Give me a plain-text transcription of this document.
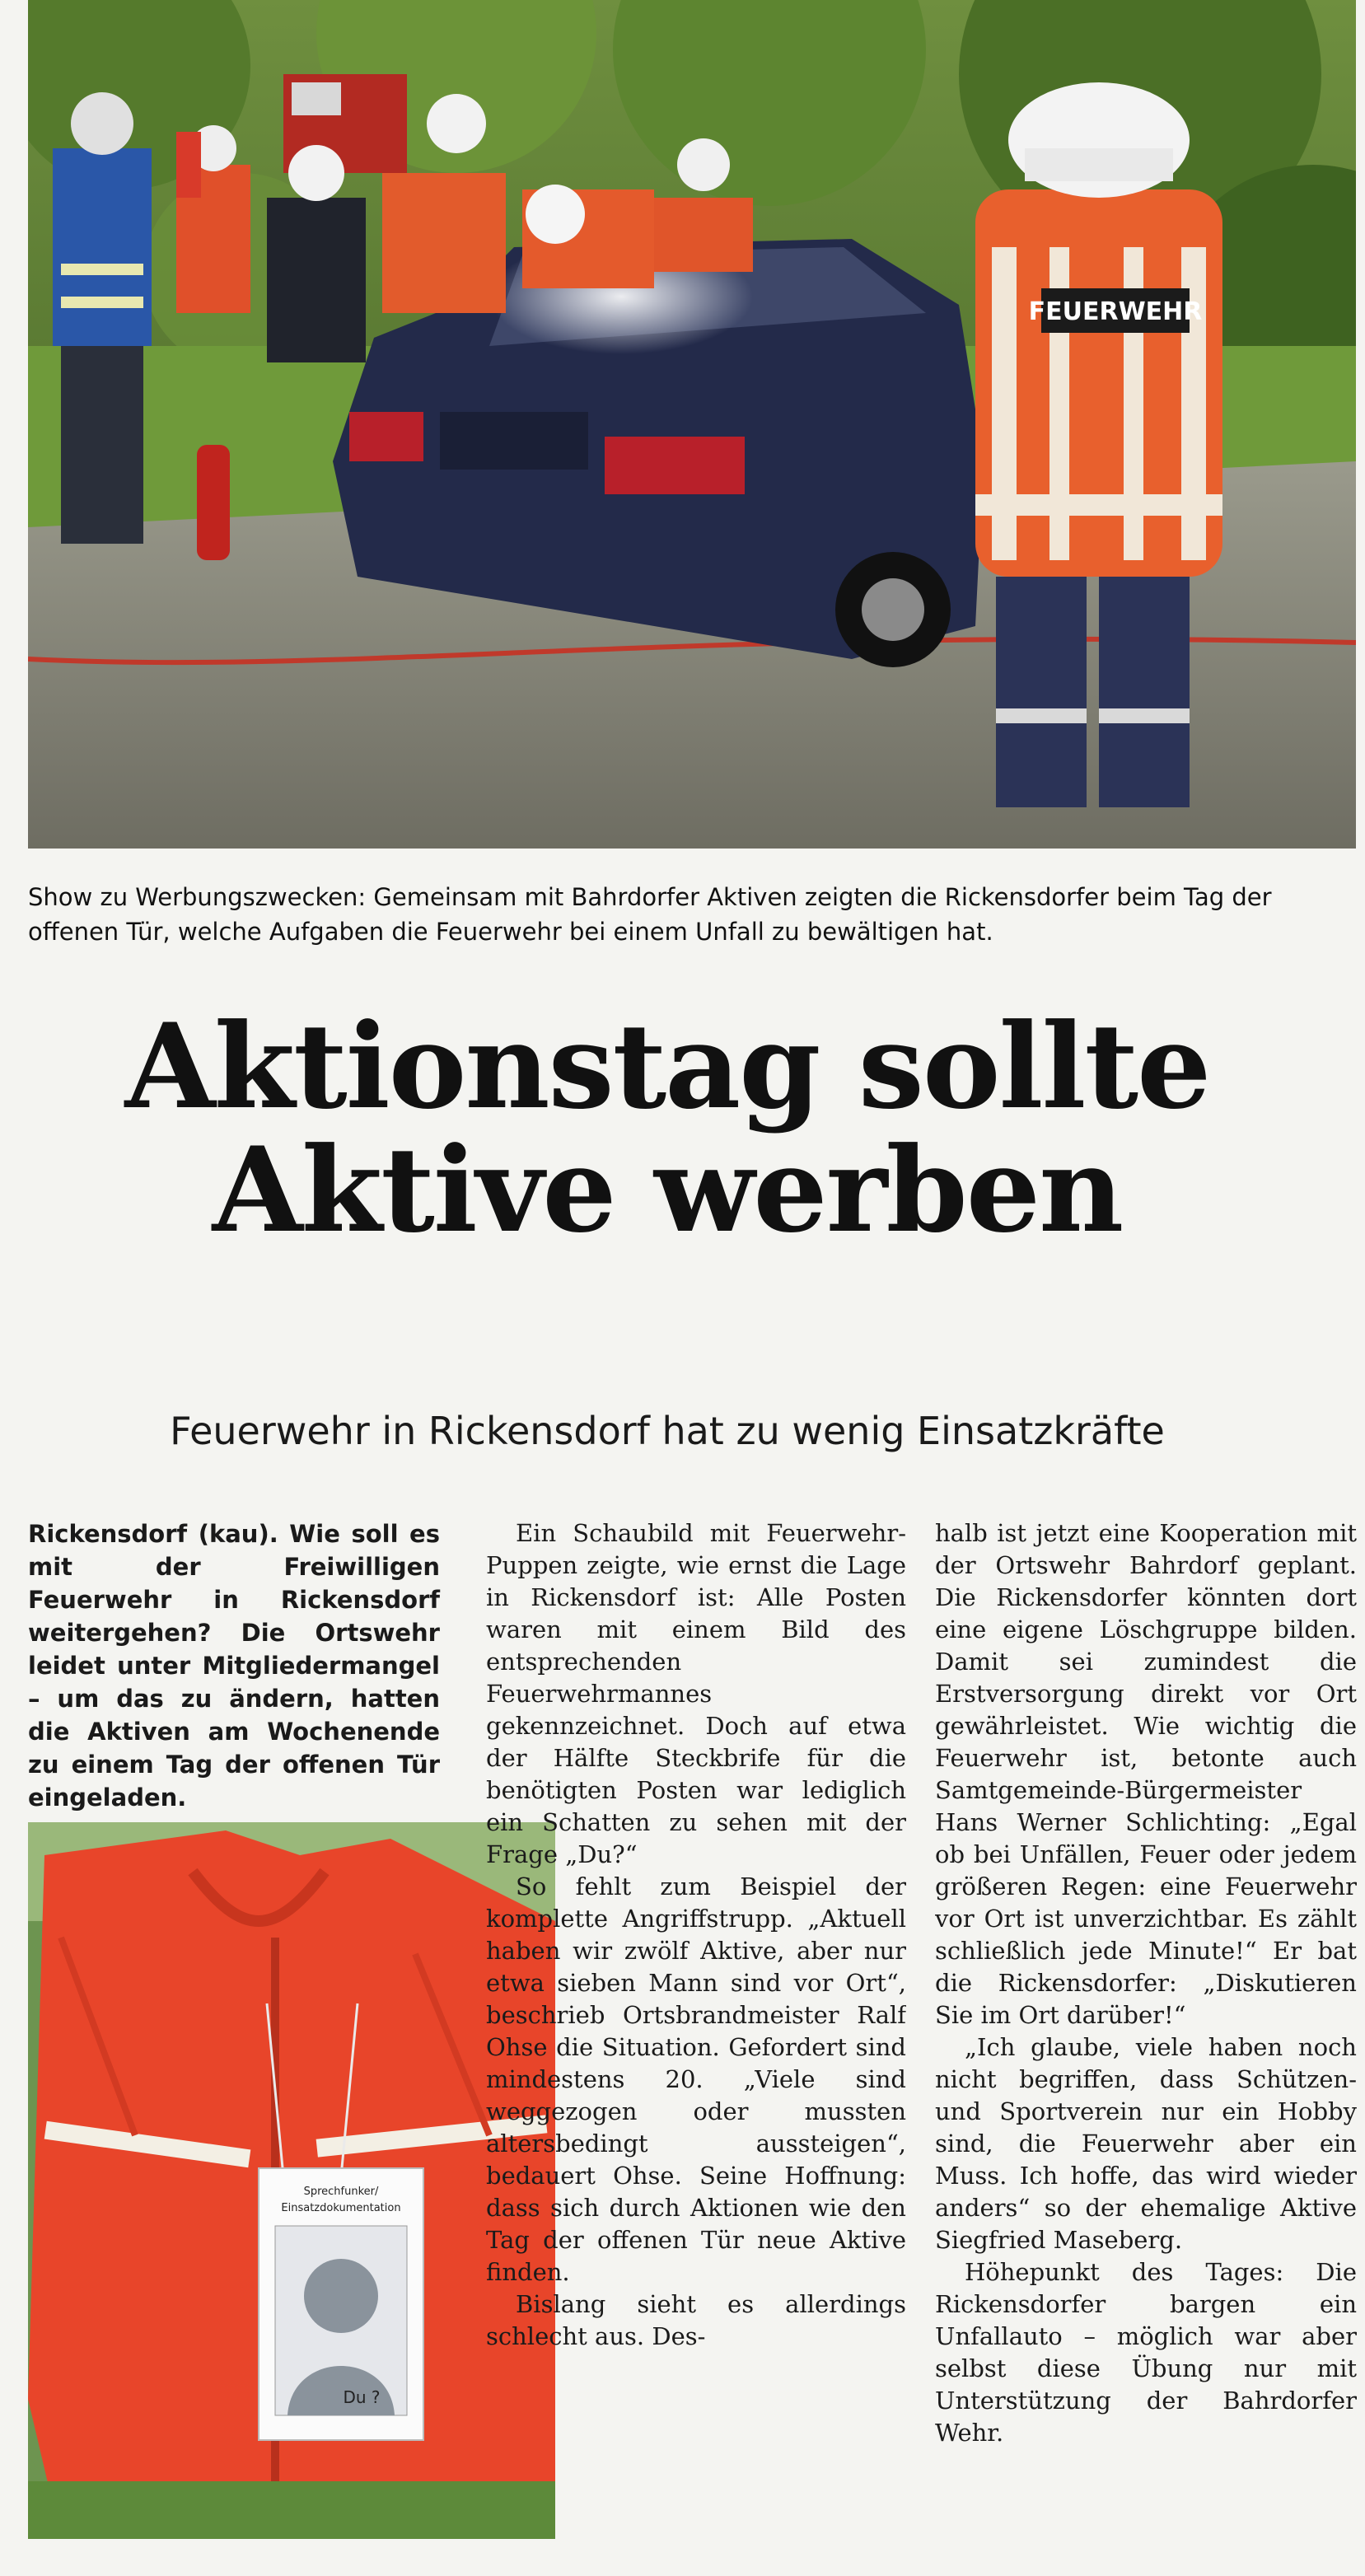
FEUERWEHR
Show zu Werbungszwecken: Gemeinsam mit Bahrdorfer Aktiven zeigten die Rickensdorfer beim Tag der offenen Tür, welche Aufgaben die Feuerwehr bei einem Unfall zu bewältigen hat.
Aktionstag sollte
Aktive werben
Feuerwehr in Rickensdorf hat zu wenig Einsatzkräfte

Rickensdorf (kau). Wie soll es mit der Freiwilligen Feuerwehr in Rickensdorf weitergehen? Die Ortswehr leidet unter Mitgliedermangel – um das zu ändern, hatten die Aktiven am Wochenende zu einem Tag der offenen Tür eingeladen.

Sprechfunker/
Einsatzdokumentation
Du ?

Ein Schaubild mit Feuerwehr-Puppen zeigte, wie ernst die Lage in Rickensdorf ist: Alle Posten waren mit einem Bild des entsprechenden Feuerwehrmannes gekennzeichnet. Doch auf etwa der Hälfte Steckbrife für die benötigten Posten war lediglich ein Schatten zu sehen mit der Frage „Du?“

So fehlt zum Beispiel der komplette Angriffstrupp. „Aktuell haben wir zwölf Aktive, aber nur etwa sieben Mann sind vor Ort“, beschrieb Ortsbrandmeister Ralf Ohse die Situation. Gefordert sind mindestens 20. „Viele sind weggezogen oder mussten altersbedingt aussteigen“, bedauert Ohse. Seine Hoffnung: dass sich durch Aktionen wie den Tag der offenen Tür neue Aktive finden.

Bislang sieht es allerdings schlecht aus. Des-

halb ist jetzt eine Kooperation mit der Ortswehr Bahrdorf geplant. Die Rickensdorfer könnten dort eine eigene Löschgruppe bilden. Damit sei zumindest die Erstversorgung direkt vor Ort gewährleistet. Wie wichtig die Feuerwehr ist, betonte auch Samtgemeinde-Bürgermeister Hans Werner Schlichting: „Egal ob bei Unfällen, Feuer oder jedem größeren Regen: eine Feuerwehr vor Ort ist unverzichtbar. Es zählt schließlich jede Minute!“ Er bat die Rickensdorfer: „Diskutieren Sie im Ort darüber!“

„Ich glaube, viele haben noch nicht begriffen, dass Schützen- und Sportverein nur ein Hobby sind, die Feuerwehr aber ein Muss. Ich hoffe, das wird wieder anders“ so der ehemalige Aktive Siegfried Maseberg.

Höhepunkt des Tages: Die Rickensdorfer bargen ein Unfallauto – möglich war aber selbst diese Übung nur mit Unterstützung der Bahrdorfer Wehr.
